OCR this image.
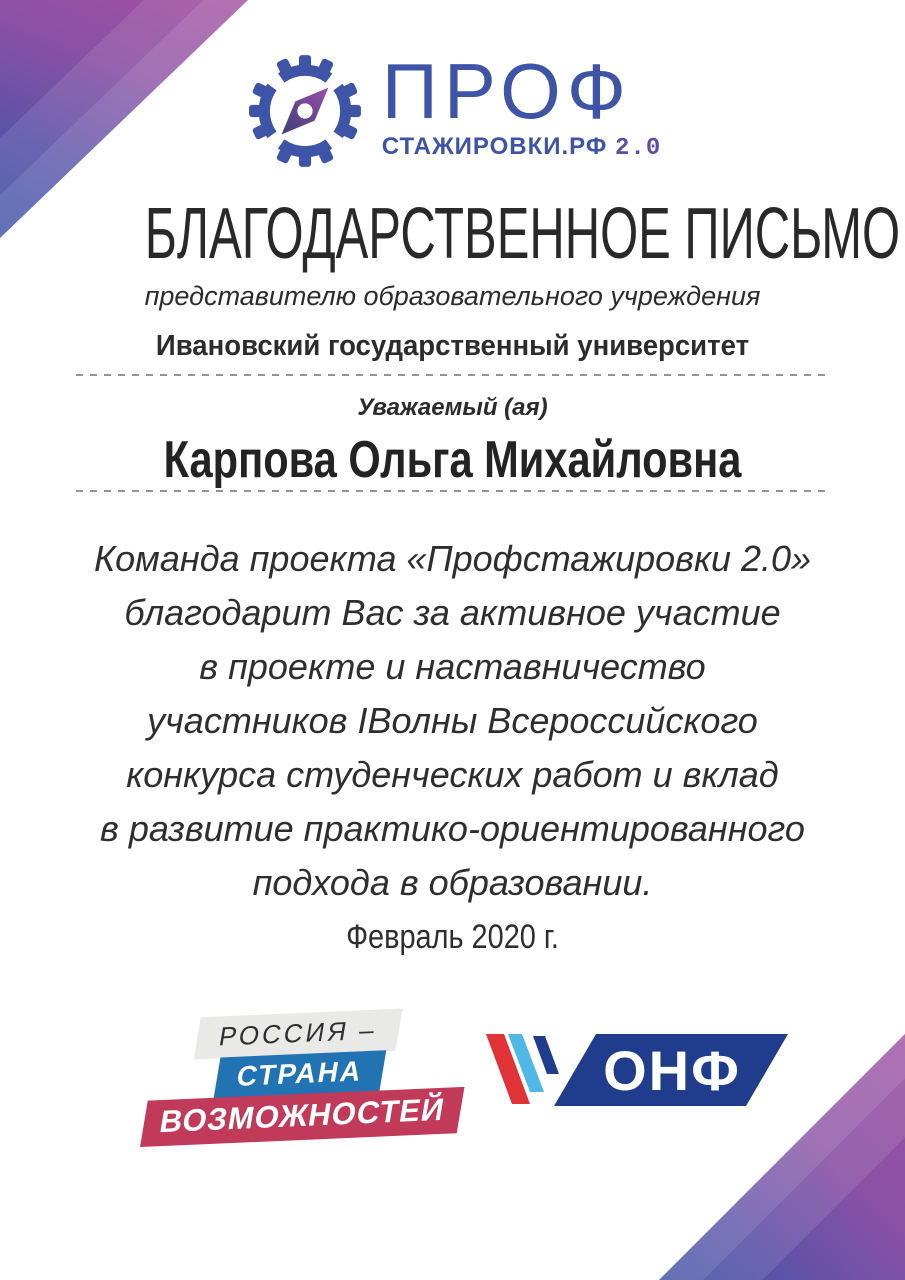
ПРОФ
СТАЖИРОВКИ.РФ 2.0
БЛАГОДАРСТВЕННОЕ ПИСЬМО
представителю образовательного учреждения
Ивановский государственный университет
Уважаемый (ая)
Карпова Ольга Михайловна
Команда проекта «Профстажировки 2.0»
благодарит Вас за активное участие
в проекте и наставничество
участников IВолны Всероссийского
конкурса студенческих работ и вклад
в развитие практико-ориентированного
подхода в образовании.
Февраль 2020 г.
РОССИЯ –
СТРАНА
ВОЗМОЖНОСТЕЙ
ОНФ
